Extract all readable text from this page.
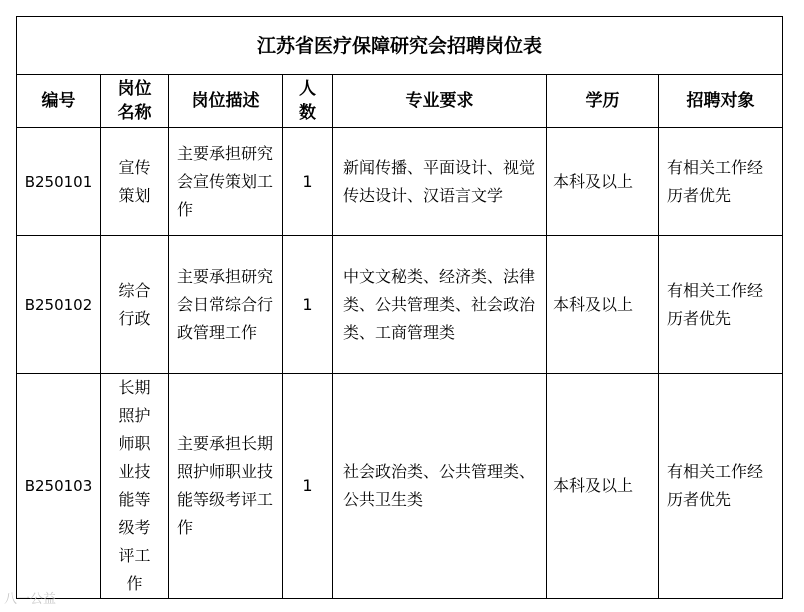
江苏省医疗保障研究会招聘岗位表						
编号	岗位名称	岗位描述	人数	专业要求	学历	招聘对象
B250101	宣传策划	主要承担研究会宣传策划工作	1	新闻传播、平面设计、视觉传达设计、汉语言文学	本科及以上	有相关工作经历者优先
B250102	综合行政	主要承担研究会日常综合行政管理工作	1	中文文秘类、经济类、法律类、公共管理类、社会政治类、工商管理类	本科及以上	有相关工作经历者优先
B250103	长期照护师职业技能等级考评工作	主要承担长期照护师职业技能等级考评工作	1	社会政治类、公共管理类、公共卫生类	本科及以上	有相关工作经历者优先
八一公益
